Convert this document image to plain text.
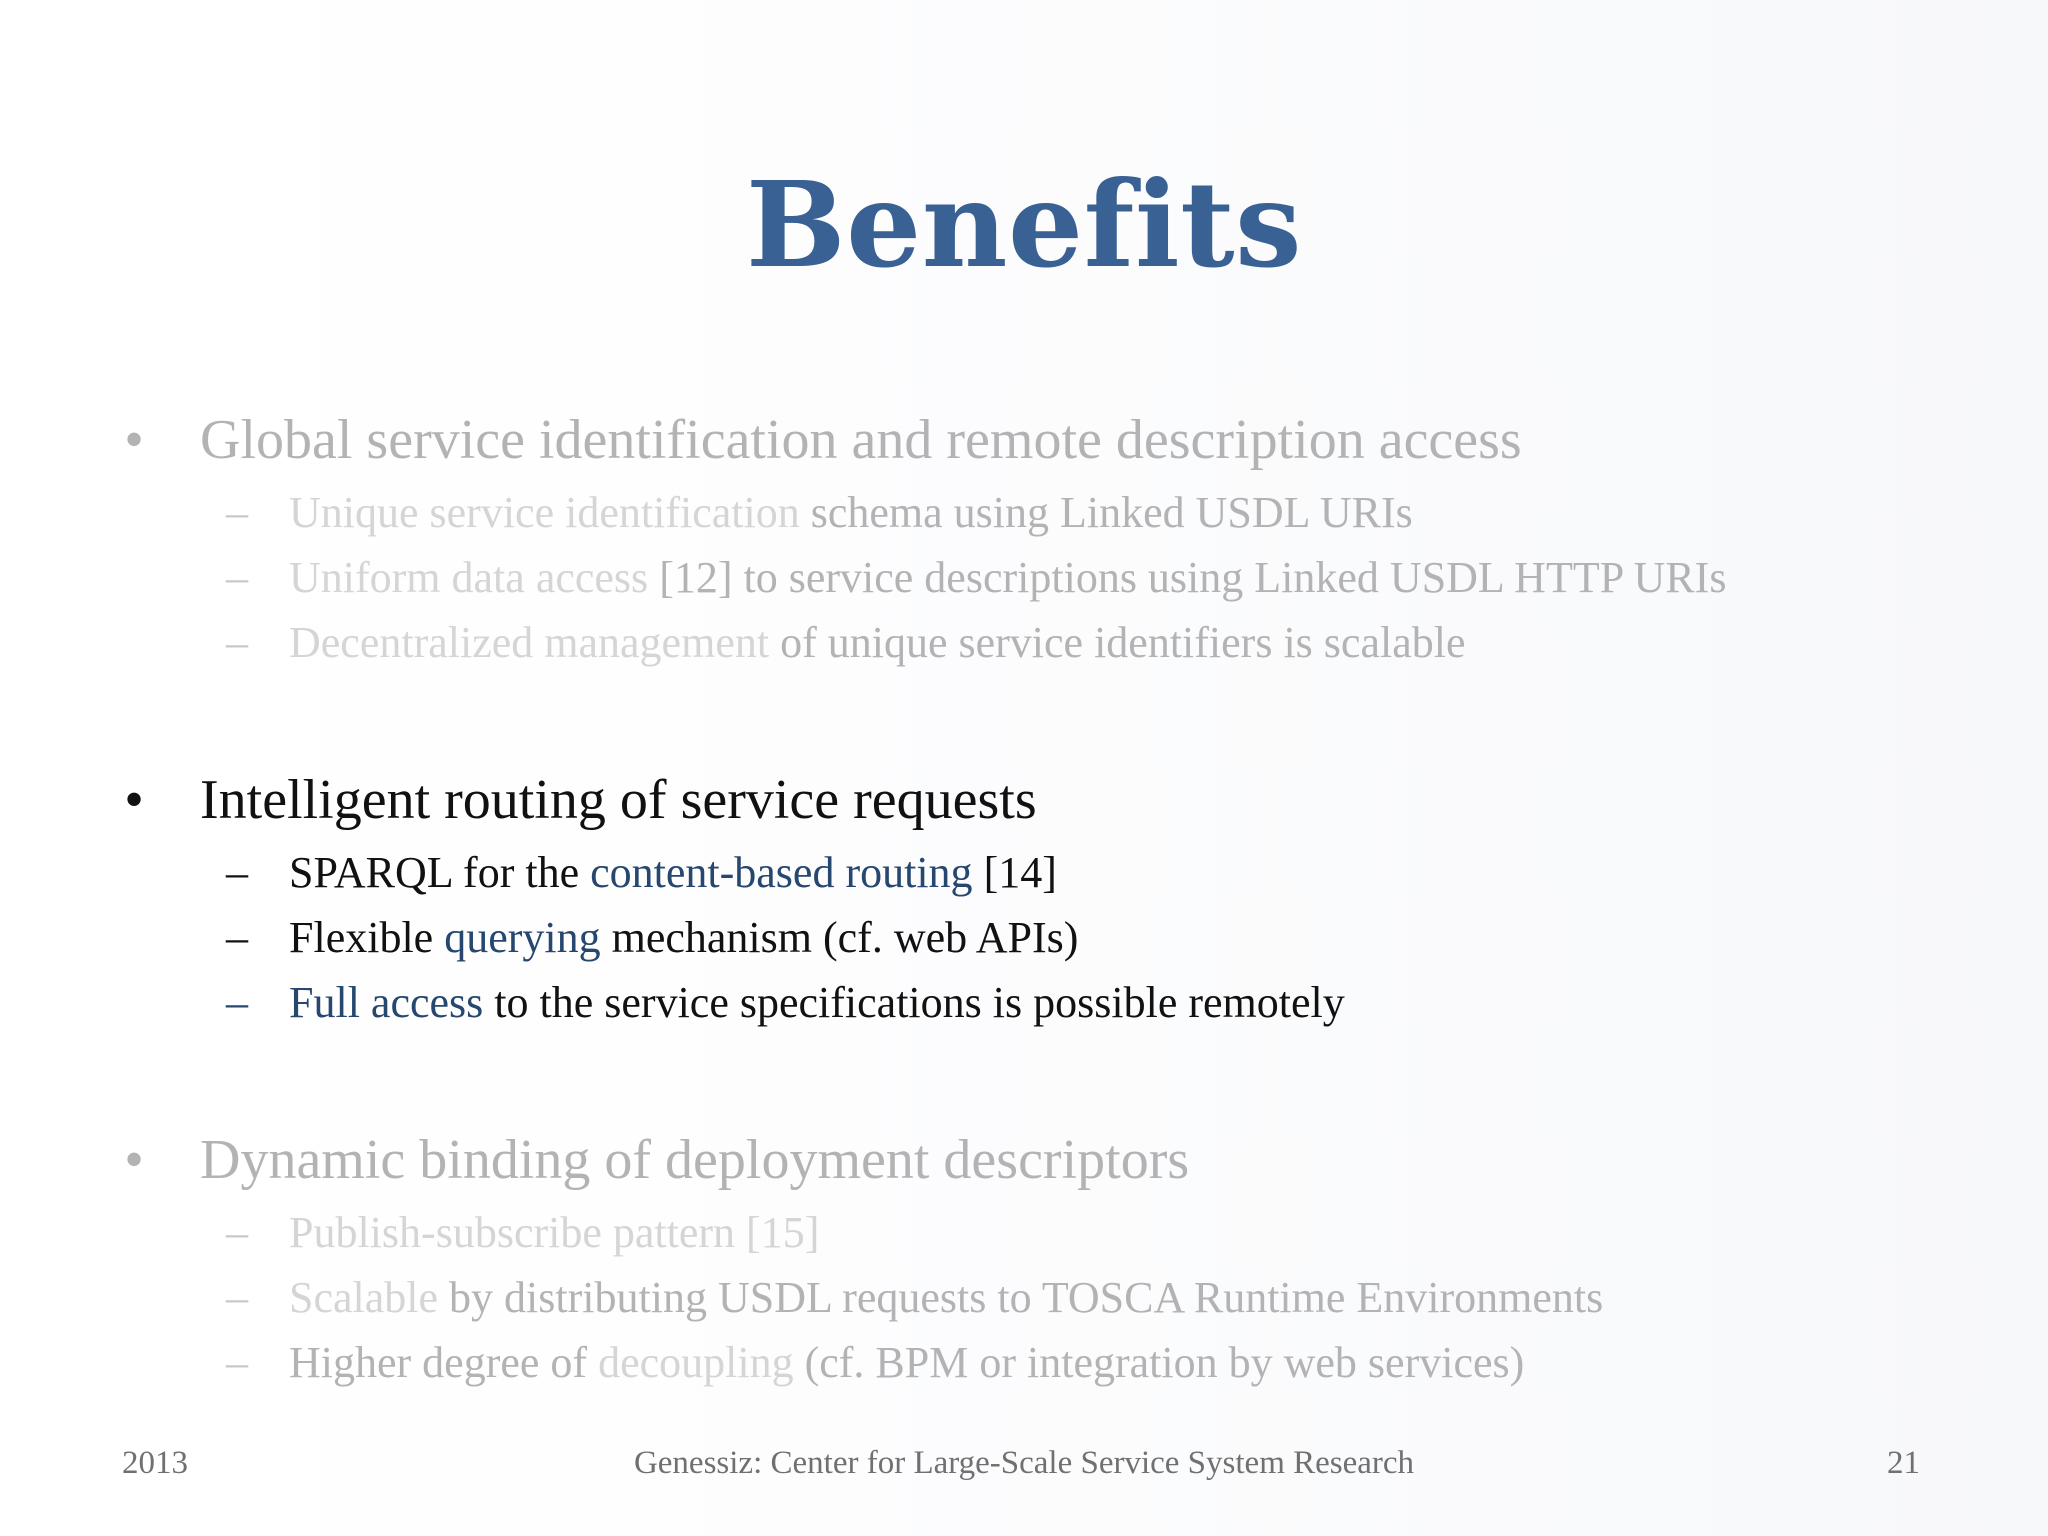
Benefits
• Global service identification and remote description access
– Unique service identification schema using Linked USDL URIs
– Uniform data access [12] to service descriptions using Linked USDL HTTP URIs
– Decentralized management of unique service identifiers is scalable
• Intelligent routing of service requests
– SPARQL for the content-based routing [14]
– Flexible querying mechanism (cf. web APIs)
– Full access to the service specifications is possible remotely
• Dynamic binding of deployment descriptors
– Publish-subscribe pattern [15]
– Scalable by distributing USDL requests to TOSCA Runtime Environments
– Higher degree of decoupling (cf. BPM or integration by web services)
2013	Genessiz: Center for Large-Scale Service System Research	21
